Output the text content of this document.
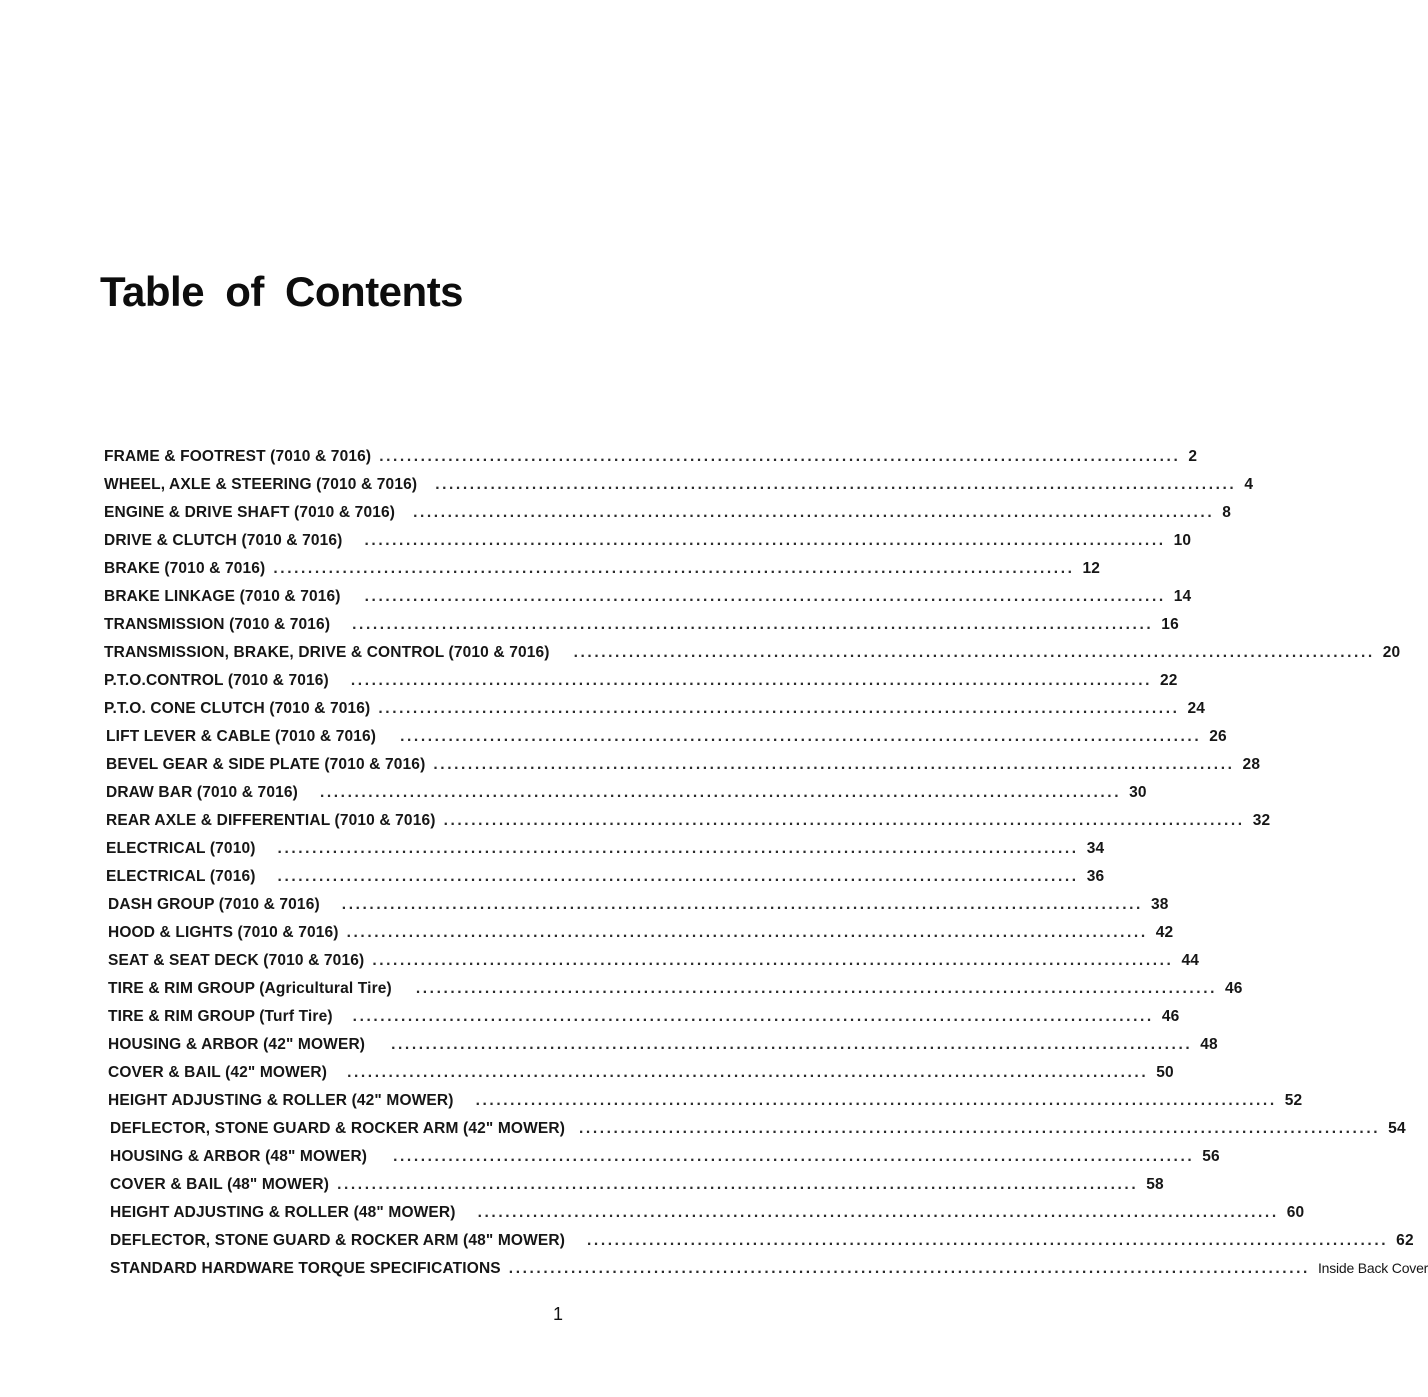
Table of Contents
FRAME & FOOTREST (7010 & 7016) .................................................................................................................... 2
WHEEL, AXLE & STEERING (7010 & 7016)	.................................................................................................................... 4
ENGINE & DRIVE SHAFT (7010 & 7016)	.................................................................................................................... 8
DRIVE & CLUTCH (7010 & 7016)	.................................................................................................................... 10
BRAKE (7010 & 7016) .................................................................................................................... 12
BRAKE LINKAGE (7010 & 7016)	.................................................................................................................... 14
TRANSMISSION (7010 & 7016)	.................................................................................................................... 16
TRANSMISSION, BRAKE, DRIVE & CONTROL (7010 & 7016)	.................................................................................................................... 20
P.T.O.CONTROL (7010 & 7016)	.................................................................................................................... 22
P.T.O. CONE CLUTCH (7010 & 7016) .................................................................................................................... 24
LIFT LEVER & CABLE (7010 & 7016)	.................................................................................................................... 26
BEVEL GEAR & SIDE PLATE (7010 & 7016) .................................................................................................................... 28
DRAW BAR (7010 & 7016)	.................................................................................................................... 30
REAR AXLE & DIFFERENTIAL (7010 & 7016) .................................................................................................................... 32
ELECTRICAL (7010)	.................................................................................................................... 34
ELECTRICAL (7016)	.................................................................................................................... 36
DASH GROUP (7010 & 7016)	.................................................................................................................... 38
HOOD & LIGHTS (7010 & 7016) .................................................................................................................... 42
SEAT & SEAT DECK (7010 & 7016) .................................................................................................................... 44
TIRE & RIM GROUP (Agricultural Tire)	.................................................................................................................... 46
TIRE & RIM GROUP (Turf Tire)	.................................................................................................................... 46
HOUSING & ARBOR (42" MOWER)	.................................................................................................................... 48
COVER & BAIL (42" MOWER)	.................................................................................................................... 50
HEIGHT ADJUSTING & ROLLER (42" MOWER)	.................................................................................................................... 52
DEFLECTOR, STONE GUARD & ROCKER ARM (42" MOWER) .................................................................................................................... 54
HOUSING & ARBOR (48" MOWER)	.................................................................................................................... 56
COVER & BAIL (48" MOWER) .................................................................................................................... 58
HEIGHT ADJUSTING & ROLLER (48" MOWER)	.................................................................................................................... 60
DEFLECTOR, STONE GUARD & ROCKER ARM (48" MOWER)	.................................................................................................................... 62
STANDARD HARDWARE TORQUE SPECIFICATIONS .................................................................................................................... Inside Back Cover
1
